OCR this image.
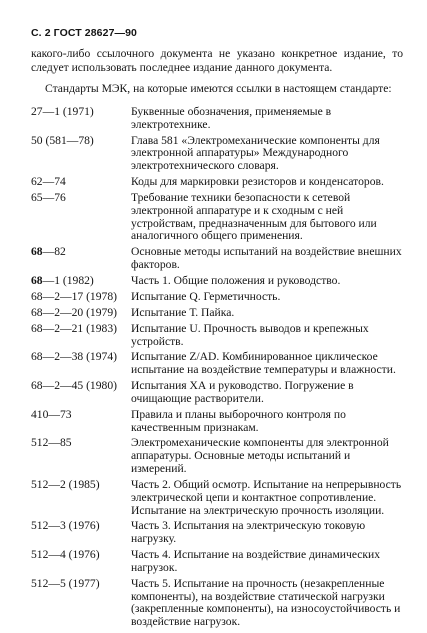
С. 2 ГОСТ 28627—90

какого-либо ссылочного документа не указано конкретное издание, то следует использовать последнее издание данного документа.

Стандарты МЭК, на которые имеются ссылки в настоящем стандарте:

27—1 (1971)	Буквенные обозначения, применяемые в электротехнике.
50 (581—78)	Глава 581 «Электромеханические компоненты для электронной аппаратуры» Международного электротехнического словаря.
62—74	Коды для маркировки резисторов и конденсаторов.
65—76	Требование техники безопасности к сетевой электронной аппаратуре и к сходным с ней устройствам, предназначенным для бытового или аналогичного общего применения.
68—82	Основные методы испытаний на воздействие внешних факторов.
68—1 (1982)	Часть 1. Общие положения и руководство.
68—2—17 (1978)	Испытание Q. Герметичность.
68—2—20 (1979)	Испытание Т. Пайка.
68—2—21 (1983)	Испытание U. Прочность выводов и крепежных устройств.
68—2—38 (1974)	Испытание Z/AD. Комбинированное циклическое испытание на воздействие температуры и влажности.
68—2—45 (1980)	Испытания ХА и руководство. Погружение в очищающие растворители.
410—73	Правила и планы выборочного контроля по качественным признакам.
512—85	Электромеханические компоненты для электронной аппаратуры. Основные методы испытаний и измерений.
512—2 (1985)	Часть 2. Общий осмотр. Испытание на непрерывность электрической цепи и контактное сопротивление. Испытание на электрическую прочность изоляции.
512—3 (1976)	Часть 3. Испытания на электрическую токовую нагрузку.
512—4 (1976)	Часть 4. Испытание на воздействие динамических нагрузок.
512—5 (1977)	Часть 5. Испытание на прочность (незакрепленные компоненты), на воздействие статической нагрузки (закрепленные компоненты), на износоустойчивость и воздействие нагрузок.
